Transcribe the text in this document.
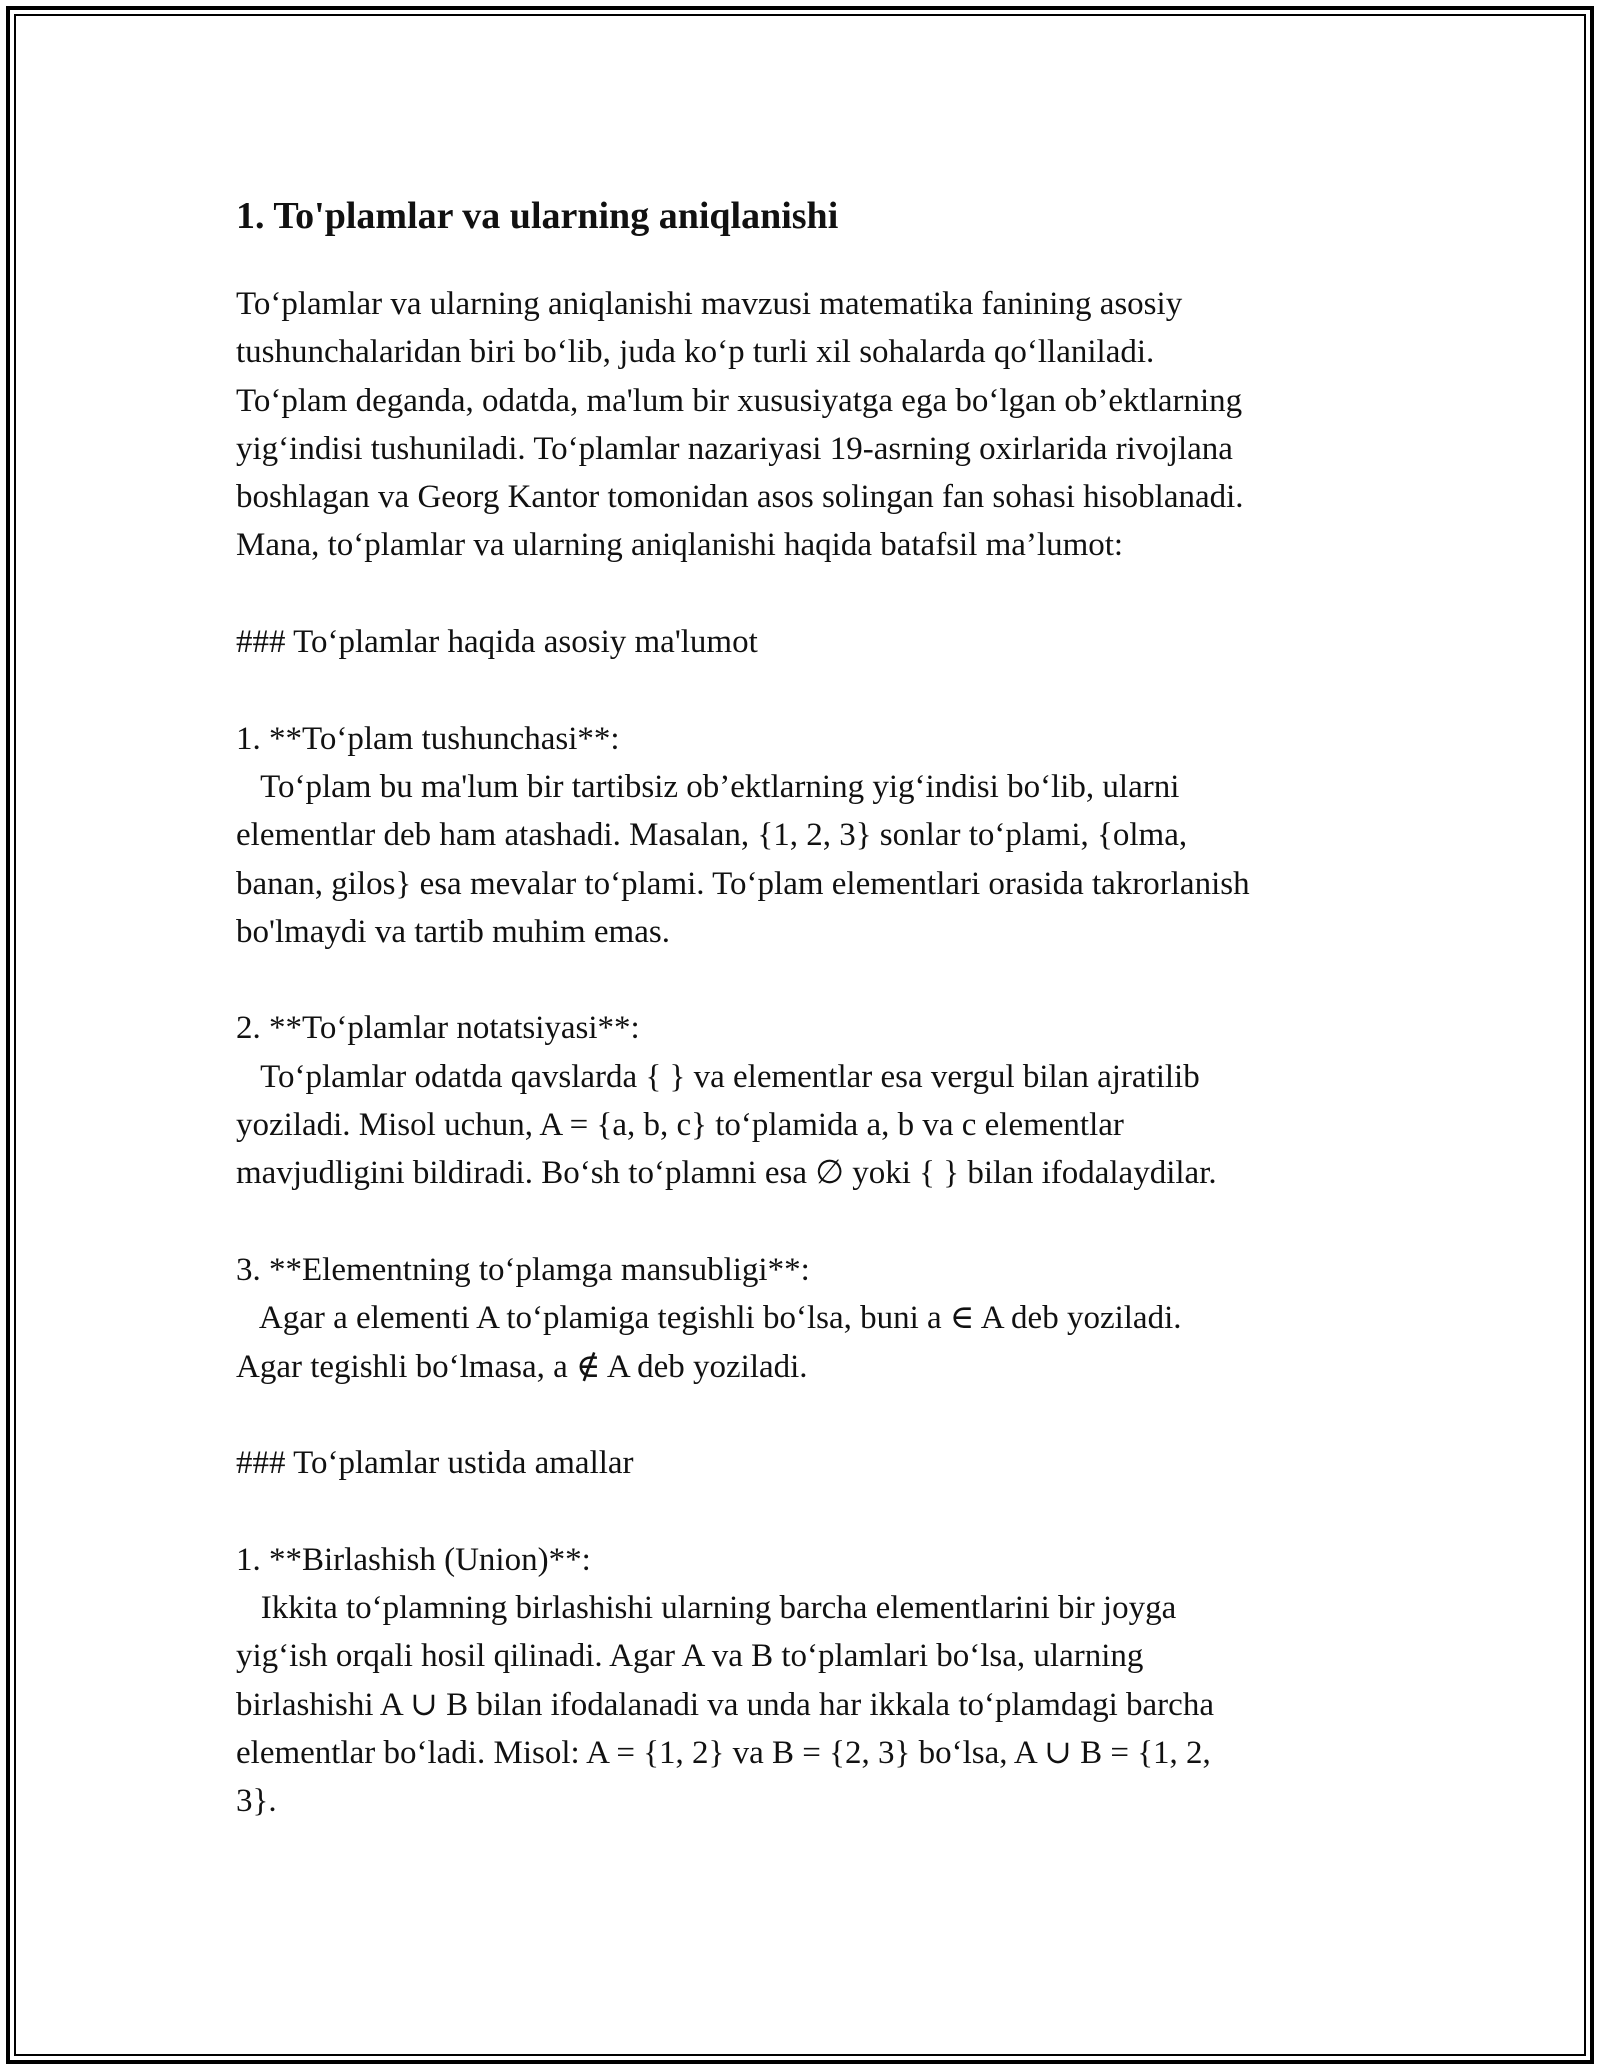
1. To'plamlar va ularning aniqlanishi
To‘plamlar va ularning aniqlanishi mavzusi matematika fanining asosiy
tushunchalaridan biri bo‘lib, juda ko‘p turli xil sohalarda qo‘llaniladi.
To‘plam deganda, odatda, ma'lum bir xususiyatga ega bo‘lgan ob’ektlarning
yig‘indisi tushuniladi. To‘plamlar nazariyasi 19-asrning oxirlarida rivojlana
boshlagan va Georg Kantor tomonidan asos solingan fan sohasi hisoblanadi.
Mana, to‘plamlar va ularning aniqlanishi haqida batafsil ma’lumot:
### To‘plamlar haqida asosiy ma'lumot
1. **To‘plam tushunchasi**:
To‘plam bu ma'lum bir tartibsiz ob’ektlarning yig‘indisi bo‘lib, ularni
elementlar deb ham atashadi. Masalan, {1, 2, 3} sonlar to‘plami, {olma,
banan, gilos} esa mevalar to‘plami. To‘plam elementlari orasida takrorlanish
bo'lmaydi va tartib muhim emas.
2. **To‘plamlar notatsiyasi**:
To‘plamlar odatda qavslarda { } va elementlar esa vergul bilan ajratilib
yoziladi. Misol uchun, A = {a, b, c} to‘plamida a, b va c elementlar
mavjudligini bildiradi. Bo‘sh to‘plamni esa ∅ yoki { } bilan ifodalaydilar.
3. **Elementning to‘plamga mansubligi**:
Agar a elementi A to‘plamiga tegishli bo‘lsa, buni a ∈ A deb yoziladi.
Agar tegishli bo‘lmasa, a ∉ A deb yoziladi.
### To‘plamlar ustida amallar
1. **Birlashish (Union)**:
Ikkita to‘plamning birlashishi ularning barcha elementlarini bir joyga
yig‘ish orqali hosil qilinadi. Agar A va B to‘plamlari bo‘lsa, ularning
birlashishi A ∪ B bilan ifodalanadi va unda har ikkala to‘plamdagi barcha
elementlar bo‘ladi. Misol: A = {1, 2} va B = {2, 3} bo‘lsa, A ∪ B = {1, 2,
3}.
